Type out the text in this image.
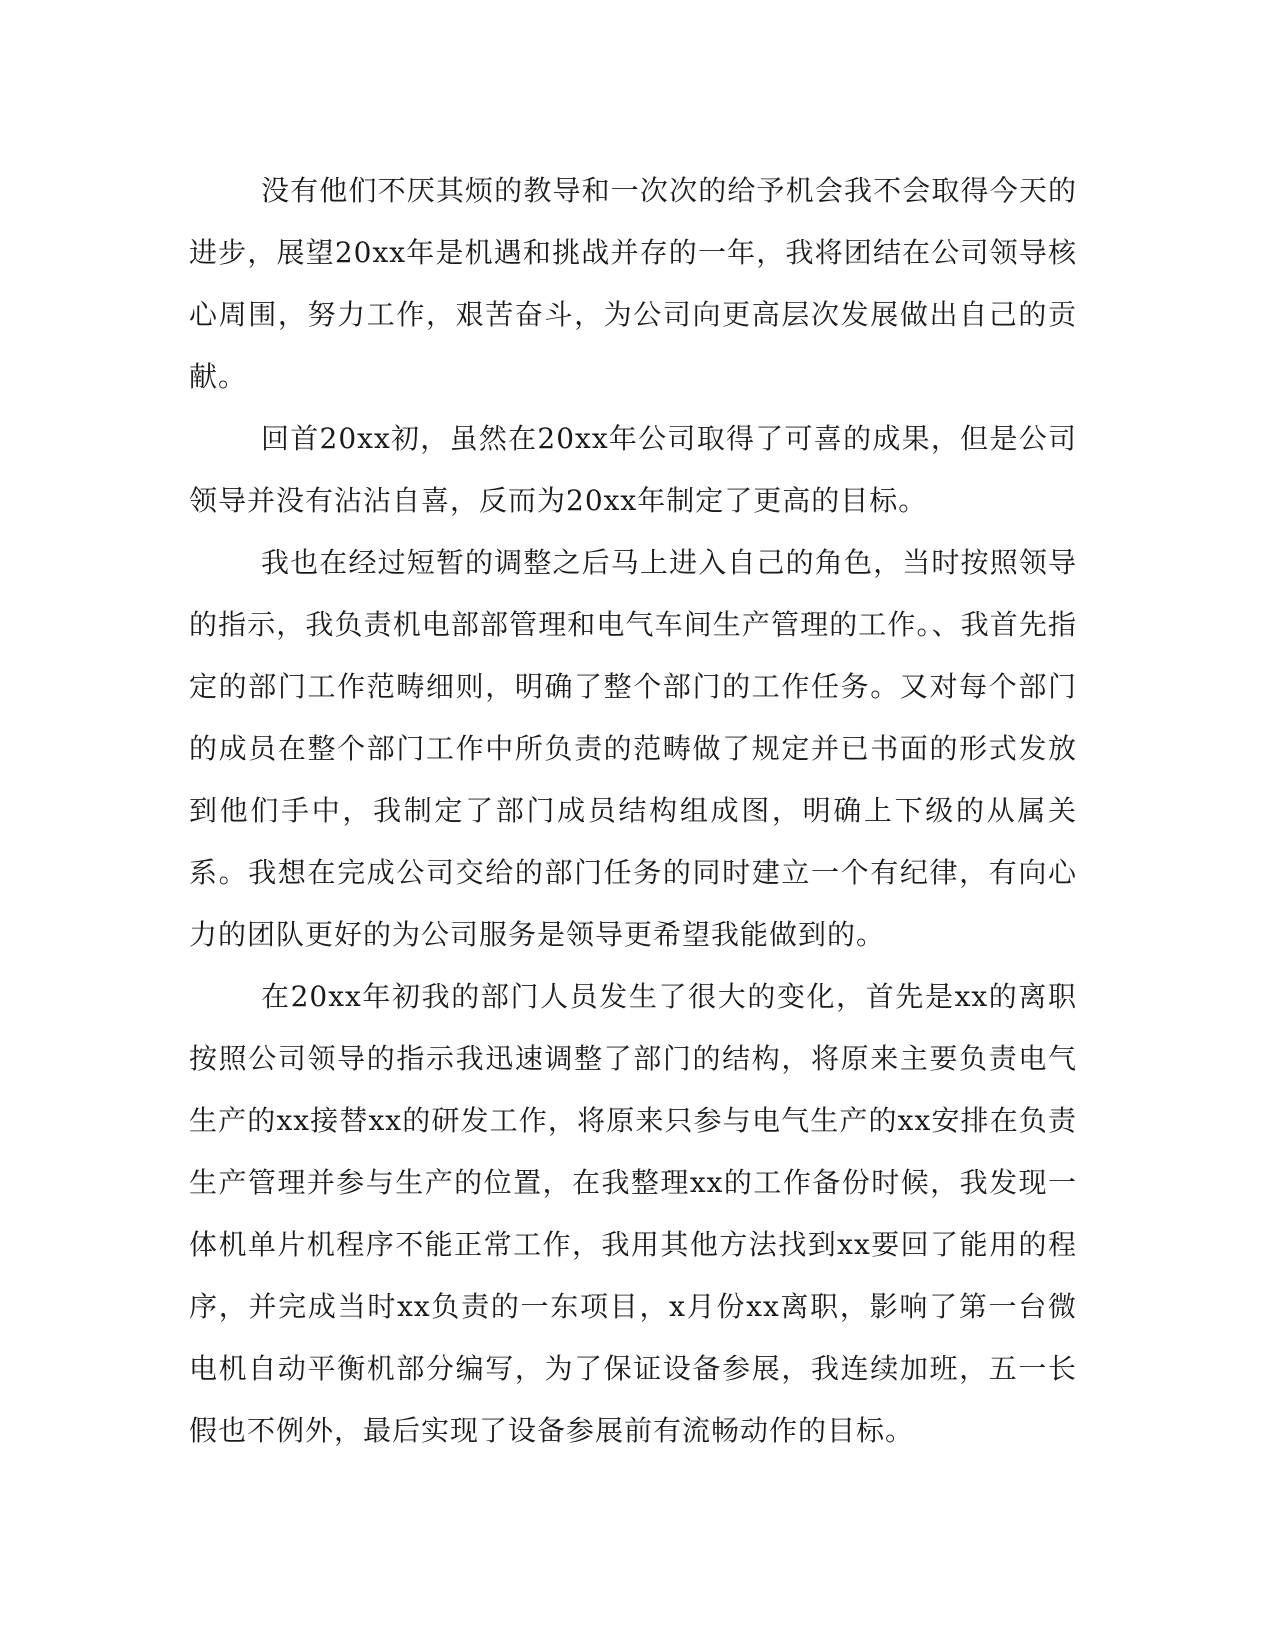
没有他们不厌其烦的教导和一次次的给予机会我不会取得今天的进步，展望20xx年是机遇和挑战并存的一年，我将团结在公司领导核心周围，努力工作，艰苦奋斗，为公司向更高层次发展做出自己的贡献。

回首20xx初，虽然在20xx年公司取得了可喜的成果，但是公司领导并没有沾沾自喜，反而为20xx年制定了更高的目标。

我也在经过短暂的调整之后马上进入自己的角色，当时按照领导的指示，我负责机电部部管理和电气车间生产管理的工作。、我首先指定的部门工作范畴细则，明确了整个部门的工作任务。又对每个部门的成员在整个部门工作中所负责的范畴做了规定并已书面的形式发放到他们手中，我制定了部门成员结构组成图，明确上下级的从属关系。我想在完成公司交给的部门任务的同时建立一个有纪律，有向心力的团队更好的为公司服务是领导更希望我能做到的。

在20xx年初我的部门人员发生了很大的变化，首先是xx的离职按照公司领导的指示我迅速调整了部门的结构，将原来主要负责电气生产的xx接替xx的研发工作，将原来只参与电气生产的xx安排在负责生产管理并参与生产的位置，在我整理xx的工作备份时候，我发现一体机单片机程序不能正常工作，我用其他方法找到xx要回了能用的程序，并完成当时xx负责的一东项目，x月份xx离职，影响了第一台微电机自动平衡机部分编写，为了保证设备参展，我连续加班，五一长假也不例外，最后实现了设备参展前有流畅动作的目标。
